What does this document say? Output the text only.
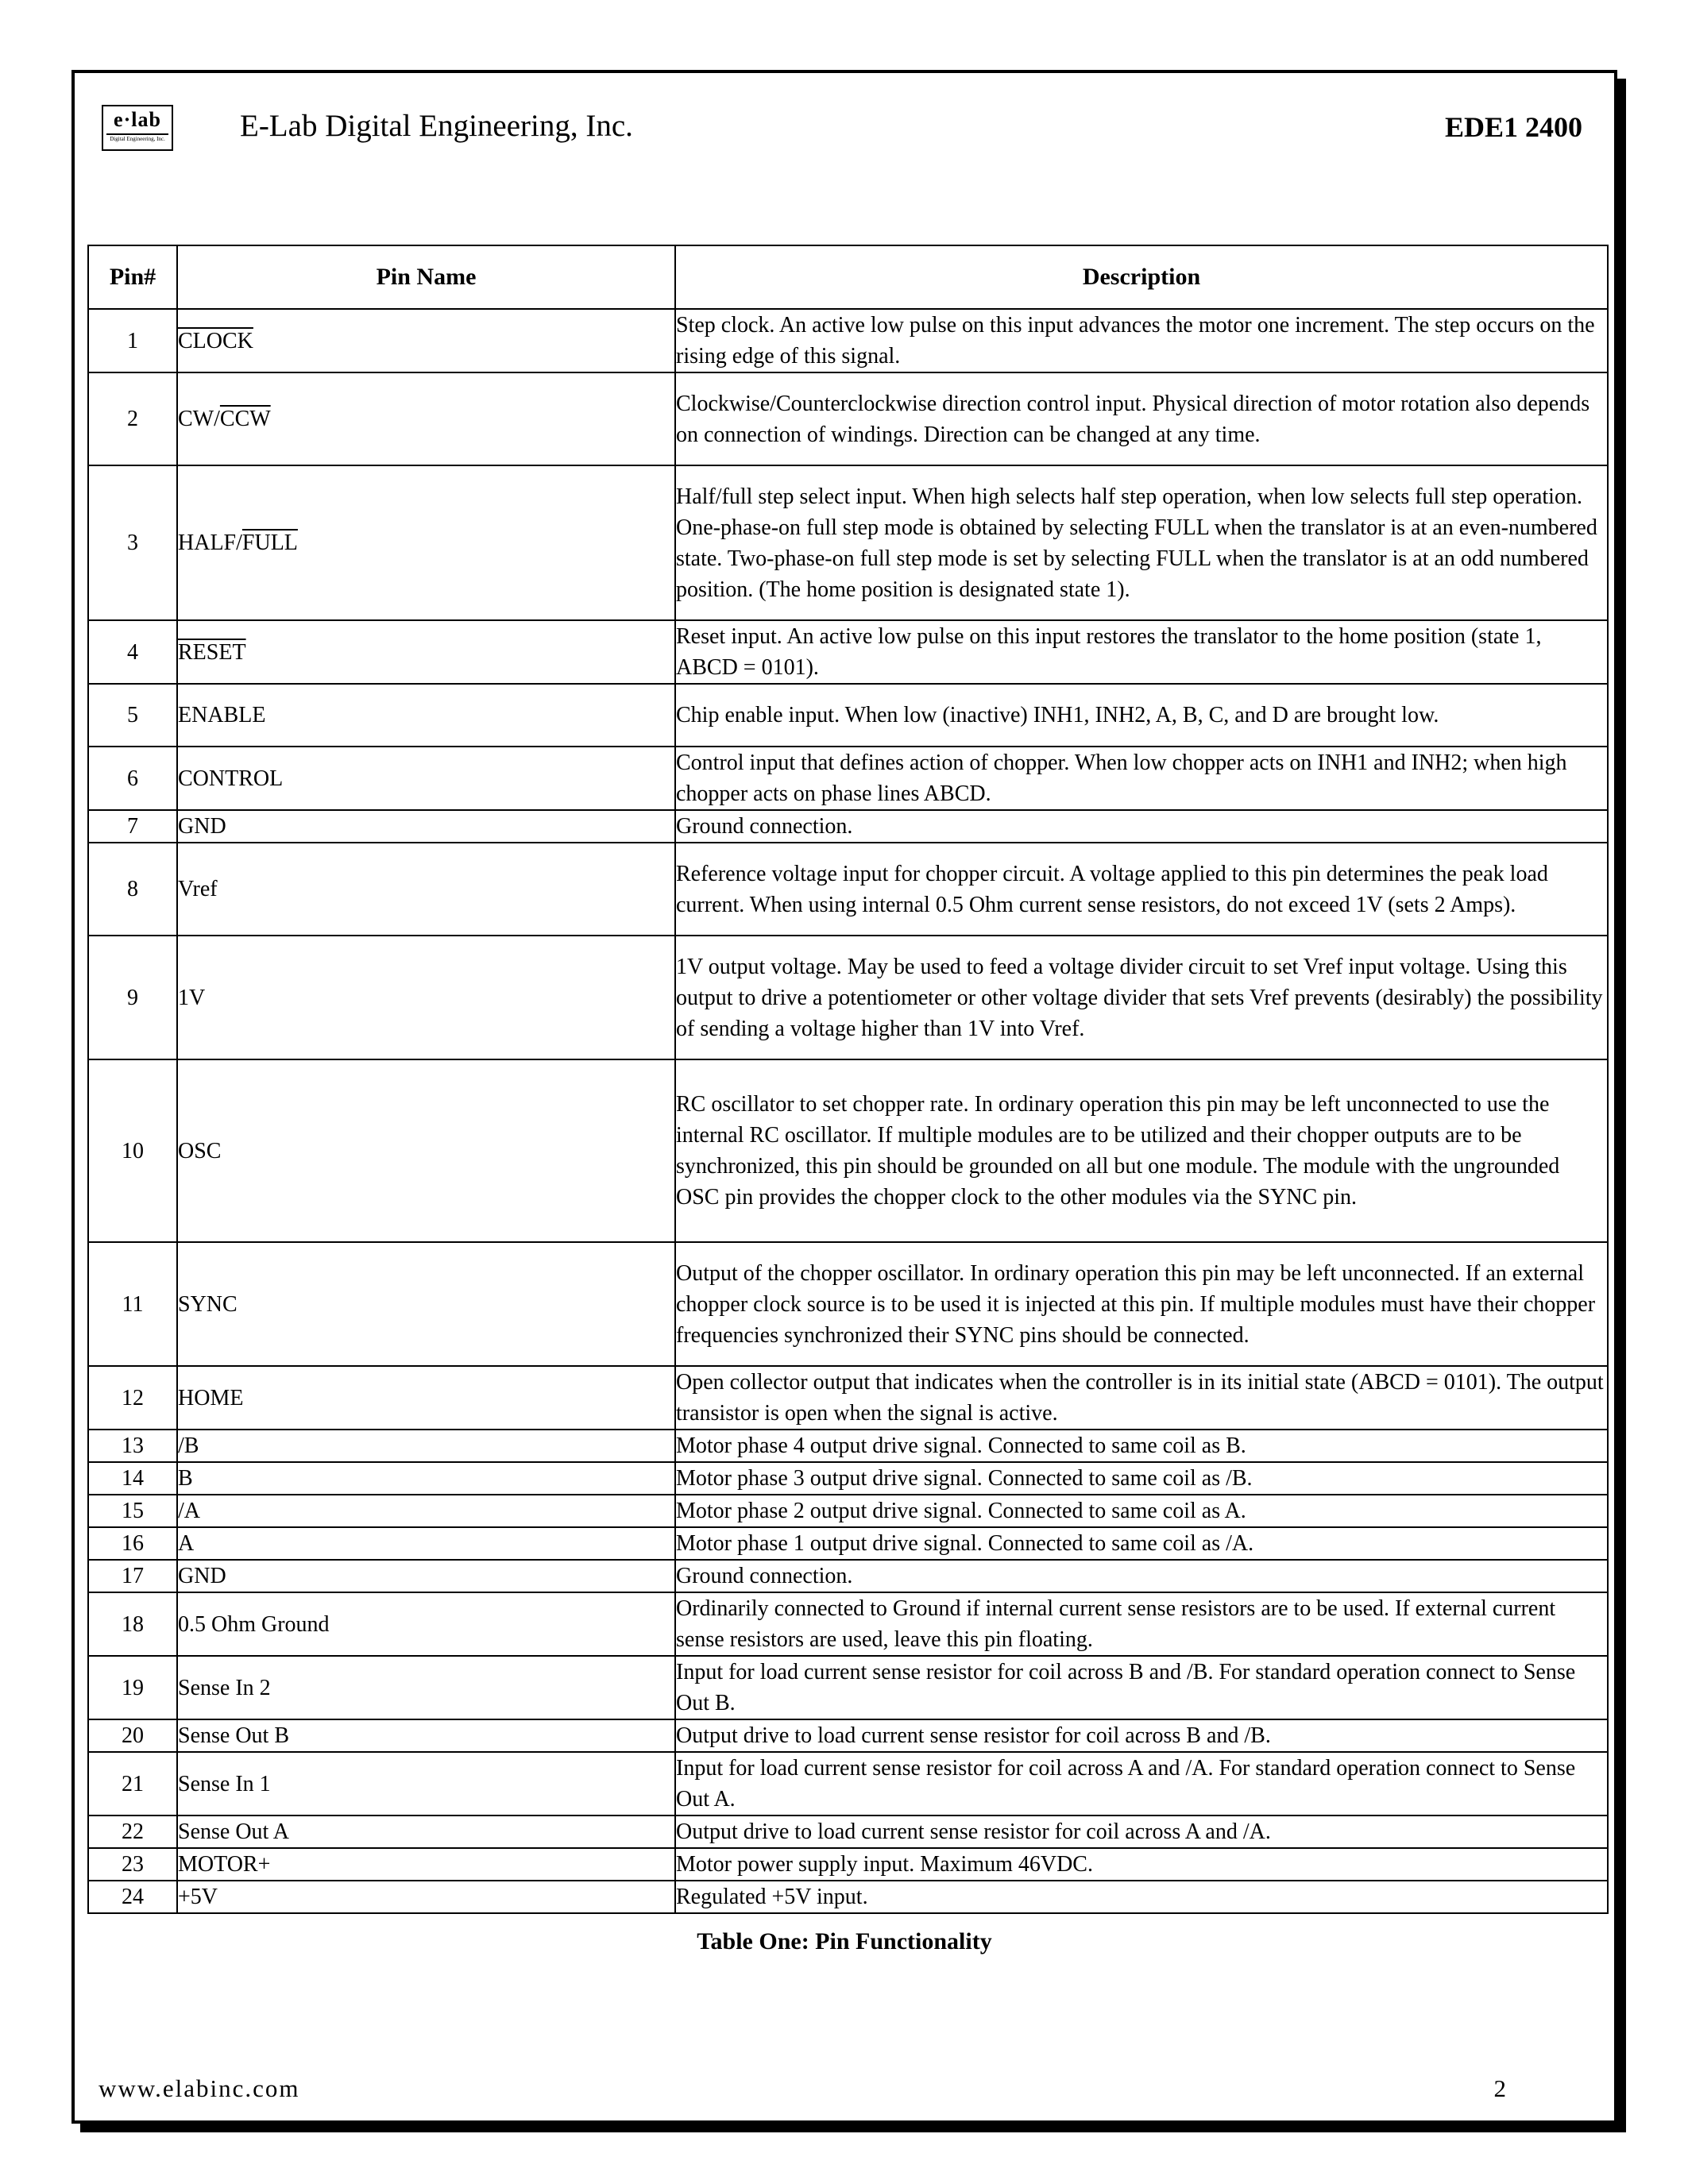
e·lab
Digital Engineering, Inc. E-Lab Digital Engineering, Inc.	EDE1 2400
Pin#	Pin Name	Description
1	CLOCK	Step clock. An active low pulse on this input advances the motor one increment. The step occurs on the rising edge of this signal.
2	$CW/\overline{CCW}$	Clockwise/Counterclockwise direction control input. Physical direction of motor rotation also depends on connection of windings. Direction can be changed at any time.
3	HALF/FULL	Half/full step select input. When high selects half step operation, when low selects full step operation. One-phase-on full step mode is obtained by selecting FULL when the translator is at an even-numbered state. Two-phase-on full step mode is set by selecting FULL when the translator is at an odd numbered position. (The home position is designated state 1).
4	RESET	Reset input. An active low pulse on this input restores the translator to the home position (state 1, ABCD = 0101).
5	ENABLE	Chip enable input. When low (inactive) INH1, INH2, A, B, C, and D are brought low.
6	CONTROL	Control input that defines action of chopper. When low chopper acts on INH1 and INH2; when high chopper acts on phase lines ABCD.
7	GND	Ground connection.
8	Vref	Reference voltage input for chopper circuit. A voltage applied to this pin determines the peak load current. When using internal 0.5 Ohm current sense resistors, do not exceed 1V (sets 2 Amps).
9	1V	1V output voltage. May be used to feed a voltage divider circuit to set Vref input voltage. Using this output to drive a potentiometer or other voltage divider that sets Vref prevents (desirably) the possibility of sending a voltage higher than 1V into Vref.
10	OSC	RC oscillator to set chopper rate. In ordinary operation this pin may be left unconnected to use the internal RC oscillator. If multiple modules are to be utilized and their chopper outputs are to be synchronized, this pin should be grounded on all but one module. The module with the ungrounded OSC pin provides the chopper clock to the other modules via the SYNC pin.
11	SYNC	Output of the chopper oscillator. In ordinary operation this pin may be left unconnected. If an external chopper clock source is to be used it is injected at this pin. If multiple modules must have their chopper frequencies synchronized their SYNC pins should be connected.
12	HOME	Open collector output that indicates when the controller is in its initial state (ABCD = 0101). The output transistor is open when the signal is active.
13	/B	Motor phase 4 output drive signal. Connected to same coil as B.
14	B	Motor phase 3 output drive signal. Connected to same coil as /B.
15	/A	Motor phase 2 output drive signal. Connected to same coil as A.
16	A	Motor phase 1 output drive signal. Connected to same coil as /A.
17	GND	Ground connection.
18	0.5 Ohm Ground	Ordinarily connected to Ground if internal current sense resistors are to be used. If external current sense resistors are used, leave this pin floating.
19	Sense In 2	Input for load current sense resistor for coil across B and /B. For standard operation connect to Sense Out B.
20	Sense Out B	Output drive to load current sense resistor for coil across B and /B.
21	Sense In 1	Input for load current sense resistor for coil across A and /A. For standard operation connect to Sense Out A.
22	Sense Out A	Output drive to load current sense resistor for coil across A and /A.
23	MOTOR+	Motor power supply input. Maximum 46VDC.
24	+5V	Regulated +5V input.
Table One: Pin Functionality
www.elabinc.com	2
